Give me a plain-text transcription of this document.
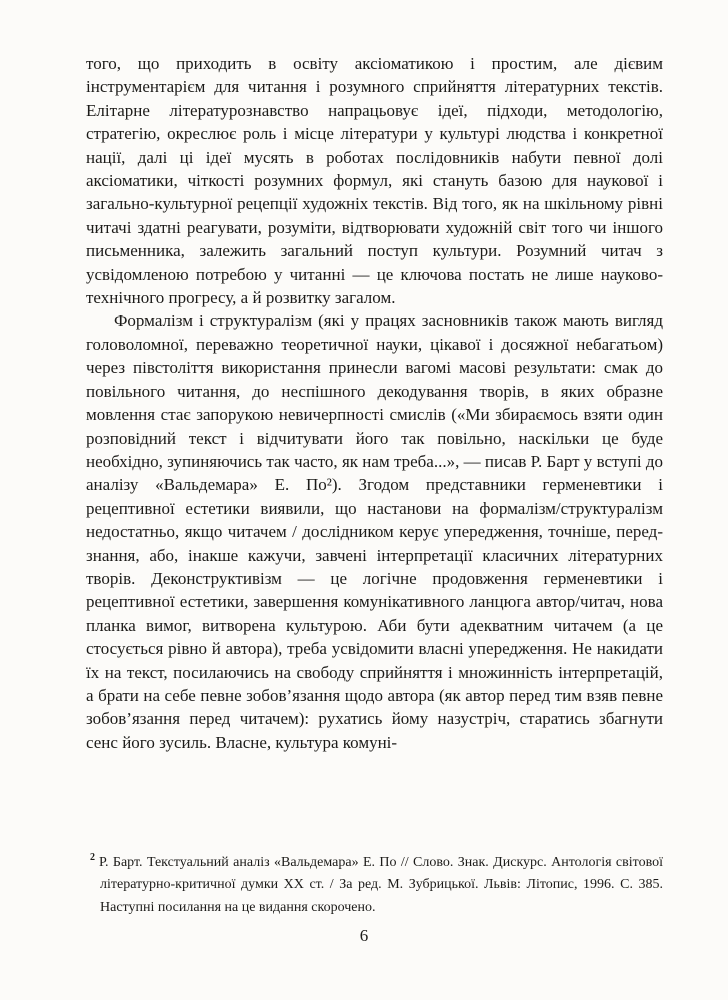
того, що приходить в освіту аксіоматикою і простим, але дієвим інструментарієм для читання і розумного сприйняття літературних текстів. Елітарне літературознавство напрацьовує ідеї, підходи, методологію, стратегію, окреслює роль і місце літератури у культурі людства і конкретної нації, далі ці ідеї мусять в роботах послідовників набути певної долі аксіоматики, чіткості розумних формул, які стануть базою для наукової і загально-культурної рецепції художніх текстів. Від того, як на шкільному рівні читачі здатні реагувати, розуміти, відтворювати художній світ того чи іншого письменника, залежить загальний поступ культури. Розумний читач з усвідомленою потребою у читанні — це ключова постать не лише науково-технічного прогресу, а й розвитку загалом.

Формалізм і структуралізм (які у працях засновників також мають вигляд головоломної, переважно теоретичної науки, цікавої і досяжної небагатьом) через півстоліття використання принесли вагомі масові результати: смак до повільного читання, до неспішного декодування творів, в яких образне мовлення стає запорукою невичерпності смислів («Ми збираємось взяти один розповідний текст і відчитувати його так повільно, наскільки це буде необхідно, зупиняючись так часто, як нам треба...», — писав Р. Барт у вступі до аналізу «Вальдемара» Е. По²). Згодом представники герменевтики і рецептивної естетики виявили, що настанови на формалізм/структуралізм недостатньо, якщо читачем / дослідником керує упередження, точніше, перед-знання, або, інакше кажучи, завчені інтерпретації класичних літературних творів. Деконструктивізм — це логічне продовження герменевтики і рецептивної естетики, завершення комунікативного ланцюга автор/читач, нова планка вимог, витворена культурою. Аби бути адекватним читачем (а це стосується рівно й автора), треба усвідомити власні упередження. Не накидати їх на текст, посилаючись на свободу сприйняття і множинність інтерпретацій, а брати на себе певне зобов’язання щодо автора (як автор перед тим взяв певне зобов’язання перед читачем): рухатись йому назустріч, старатись збагнути сенс його зусиль. Власне, культура комуні-

$^2$ Р. Барт. Текстуальний аналіз «Вальдемара» Е. По // Слово. Знак. Дискурс. Антологія світової літературно-критичної думки ХХ ст. / За ред. М. Зубрицької. Львів: Літопис, 1996. С. 385. Наступні посилання на це видання скорочено.

6
